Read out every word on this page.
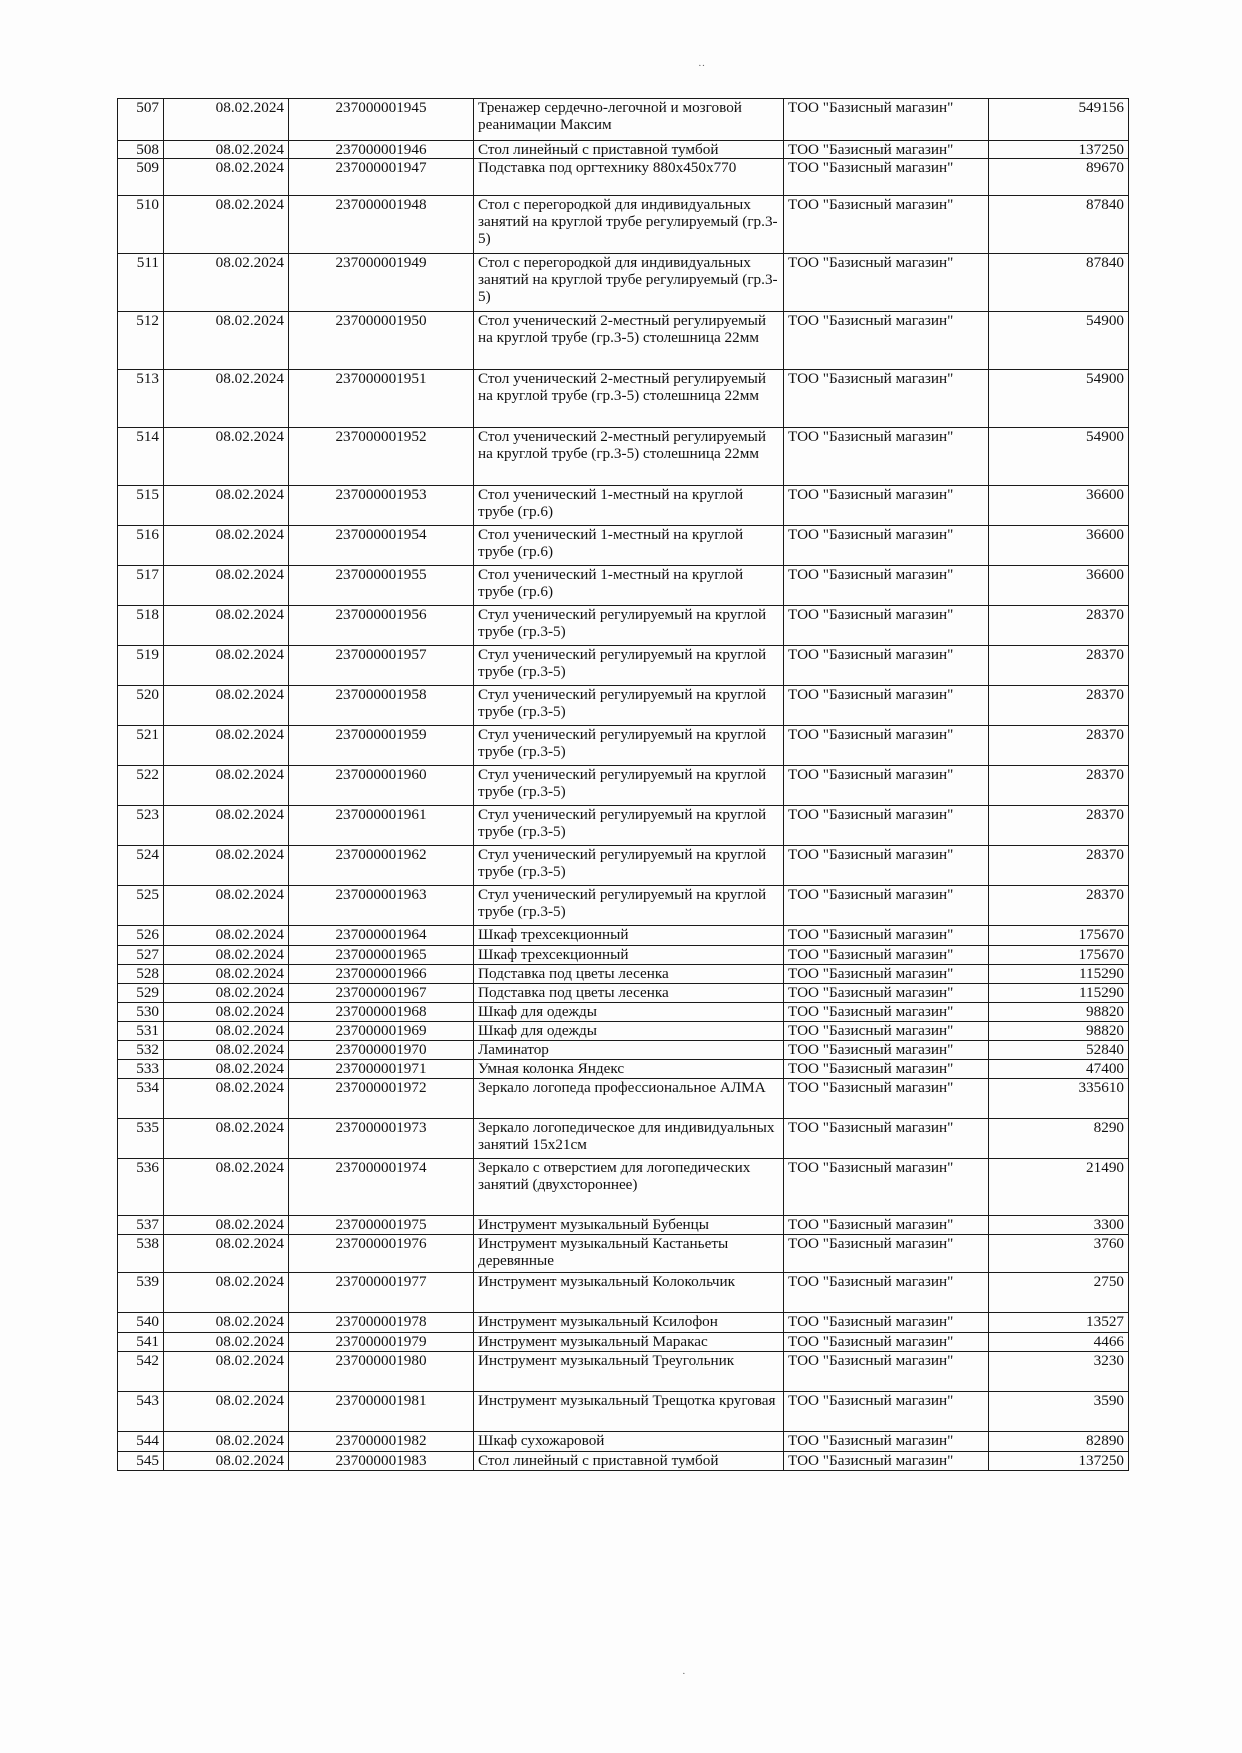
··
·
507	08.02.2024	237000001945	Тренажер сердечно-легочной и мозговой реанимации Максим	ТОО "Базисный магазин"	549156
508	08.02.2024	237000001946	Стол линейный с приставной тумбой	ТОО "Базисный магазин"	137250
509	08.02.2024	237000001947	Подставка под оргтехнику 880x450x770	ТОО "Базисный магазин"	89670
510	08.02.2024	237000001948	Стол с перегородкой для индивидуальных занятий на круглой трубе регулируемый (гр.3-5)	ТОО "Базисный магазин"	87840
511	08.02.2024	237000001949	Стол с перегородкой для индивидуальных занятий на круглой трубе регулируемый (гр.3-5)	ТОО "Базисный магазин"	87840
512	08.02.2024	237000001950	Стол ученический 2-местный регулируемый на круглой трубе (гр.3-5) столешница 22мм	ТОО "Базисный магазин"	54900
513	08.02.2024	237000001951	Стол ученический 2-местный регулируемый на круглой трубе (гр.3-5) столешница 22мм	ТОО "Базисный магазин"	54900
514	08.02.2024	237000001952	Стол ученический 2-местный регулируемый на круглой трубе (гр.3-5) столешница 22мм	ТОО "Базисный магазин"	54900
515	08.02.2024	237000001953	Стол ученический 1-местный на круглой трубе (гр.6)	ТОО "Базисный магазин"	36600
516	08.02.2024	237000001954	Стол ученический 1-местный на круглой трубе (гр.6)	ТОО "Базисный магазин"	36600
517	08.02.2024	237000001955	Стол ученический 1-местный на круглой трубе (гр.6)	ТОО "Базисный магазин"	36600
518	08.02.2024	237000001956	Стул ученический регулируемый на круглой трубе (гр.3-5)	ТОО "Базисный магазин"	28370
519	08.02.2024	237000001957	Стул ученический регулируемый на круглой трубе (гр.3-5)	ТОО "Базисный магазин"	28370
520	08.02.2024	237000001958	Стул ученический регулируемый на круглой трубе (гр.3-5)	ТОО "Базисный магазин"	28370
521	08.02.2024	237000001959	Стул ученический регулируемый на круглой трубе (гр.3-5)	ТОО "Базисный магазин"	28370
522	08.02.2024	237000001960	Стул ученический регулируемый на круглой трубе (гр.3-5)	ТОО "Базисный магазин"	28370
523	08.02.2024	237000001961	Стул ученический регулируемый на круглой трубе (гр.3-5)	ТОО "Базисный магазин"	28370
524	08.02.2024	237000001962	Стул ученический регулируемый на круглой трубе (гр.3-5)	ТОО "Базисный магазин"	28370
525	08.02.2024	237000001963	Стул ученический регулируемый на круглой трубе (гр.3-5)	ТОО "Базисный магазин"	28370
526	08.02.2024	237000001964	Шкаф трехсекционный	ТОО "Базисный магазин"	175670
527	08.02.2024	237000001965	Шкаф трехсекционный	ТОО "Базисный магазин"	175670
528	08.02.2024	237000001966	Подставка под цветы лесенка	ТОО "Базисный магазин"	115290
529	08.02.2024	237000001967	Подставка под цветы лесенка	ТОО "Базисный магазин"	115290
530	08.02.2024	237000001968	Шкаф для одежды	ТОО "Базисный магазин"	98820
531	08.02.2024	237000001969	Шкаф для одежды	ТОО "Базисный магазин"	98820
532	08.02.2024	237000001970	Ламинатор	ТОО "Базисный магазин"	52840
533	08.02.2024	237000001971	Умная колонка Яндекс	ТОО "Базисный магазин"	47400
534	08.02.2024	237000001972	Зеркало логопеда профессиональное АЛМА	ТОО "Базисный магазин"	335610
535	08.02.2024	237000001973	Зеркало логопедическое для индивидуальных занятий 15x21см	ТОО "Базисный магазин"	8290
536	08.02.2024	237000001974	Зеркало с отверстием для логопедических занятий (двухстороннее)	ТОО "Базисный магазин"	21490
537	08.02.2024	237000001975	Инструмент музыкальный Бубенцы	ТОО "Базисный магазин"	3300
538	08.02.2024	237000001976	Инструмент музыкальный Кастаньеты деревянные	ТОО "Базисный магазин"	3760
539	08.02.2024	237000001977	Инструмент музыкальный Колокольчик	ТОО "Базисный магазин"	2750
540	08.02.2024	237000001978	Инструмент музыкальный Ксилофон	ТОО "Базисный магазин"	13527
541	08.02.2024	237000001979	Инструмент музыкальный Маракас	ТОО "Базисный магазин"	4466
542	08.02.2024	237000001980	Инструмент музыкальный Треугольник	ТОО "Базисный магазин"	3230
543	08.02.2024	237000001981	Инструмент музыкальный Трещотка круговая	ТОО "Базисный магазин"	3590
544	08.02.2024	237000001982	Шкаф сухожаровой	ТОО "Базисный магазин"	82890
545	08.02.2024	237000001983	Стол линейный с приставной тумбой	ТОО "Базисный магазин"	137250
